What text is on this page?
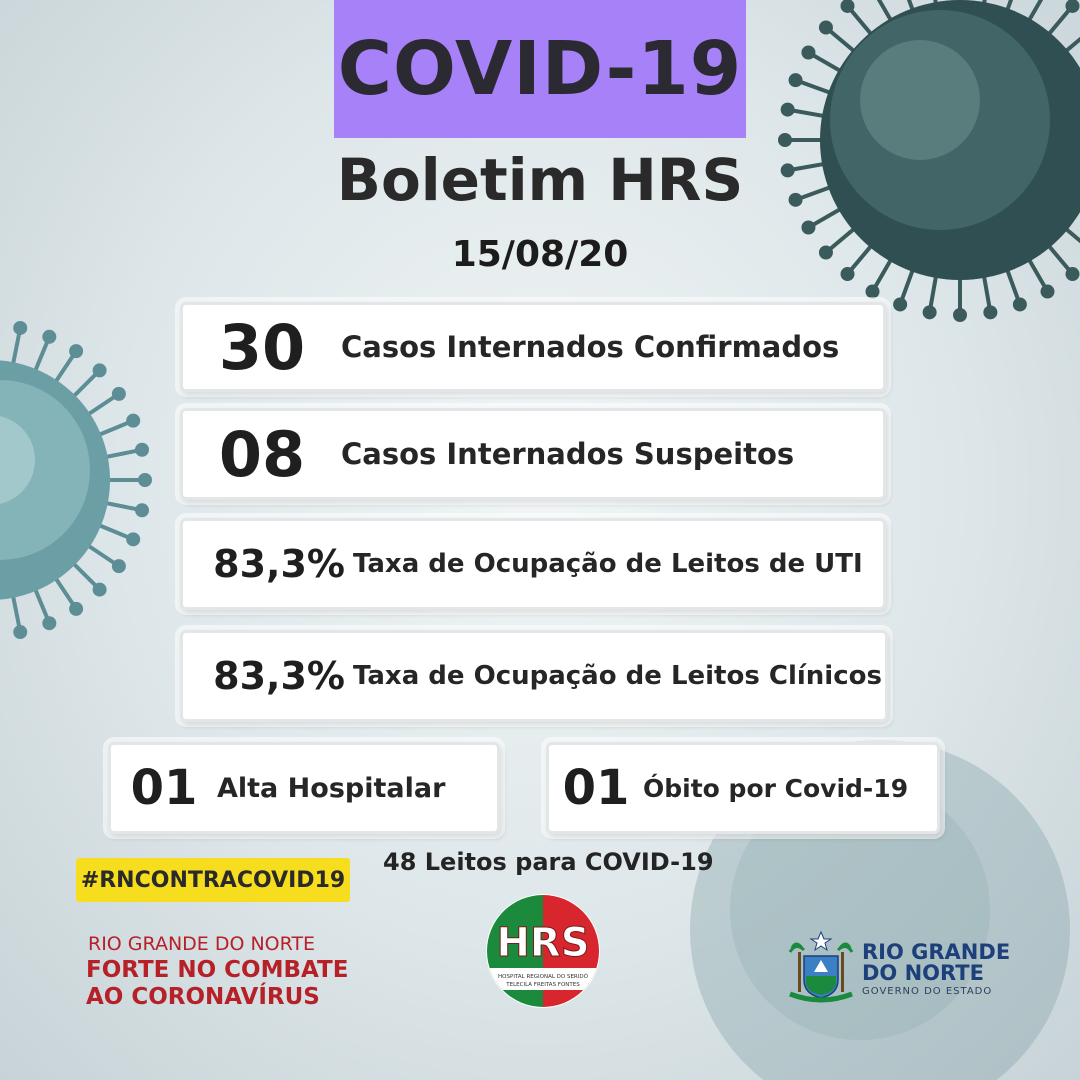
COVID-19
Boletim HRS
15/08/20
30	Casos Internados Confirmados
08	Casos Internados Suspeitos
83,3% Taxa de Ocupação de Leitos de UTI
83,3% Taxa de Ocupação de Leitos Clínicos
01 Alta Hospitalar 01 Óbito por Covid-19
48 Leitos para COVID-19
#RNCONTRACOVID19
RIO GRANDE DO NORTE
FORTE NO COMBATE
AO CORONAVÍRUS
HRS
HOSPITAL REGIONAL DO SERIDÓ
TELECILA FREITAS FONTES
RIO GRANDE
DO NORTE
GOVERNO DO ESTADO
